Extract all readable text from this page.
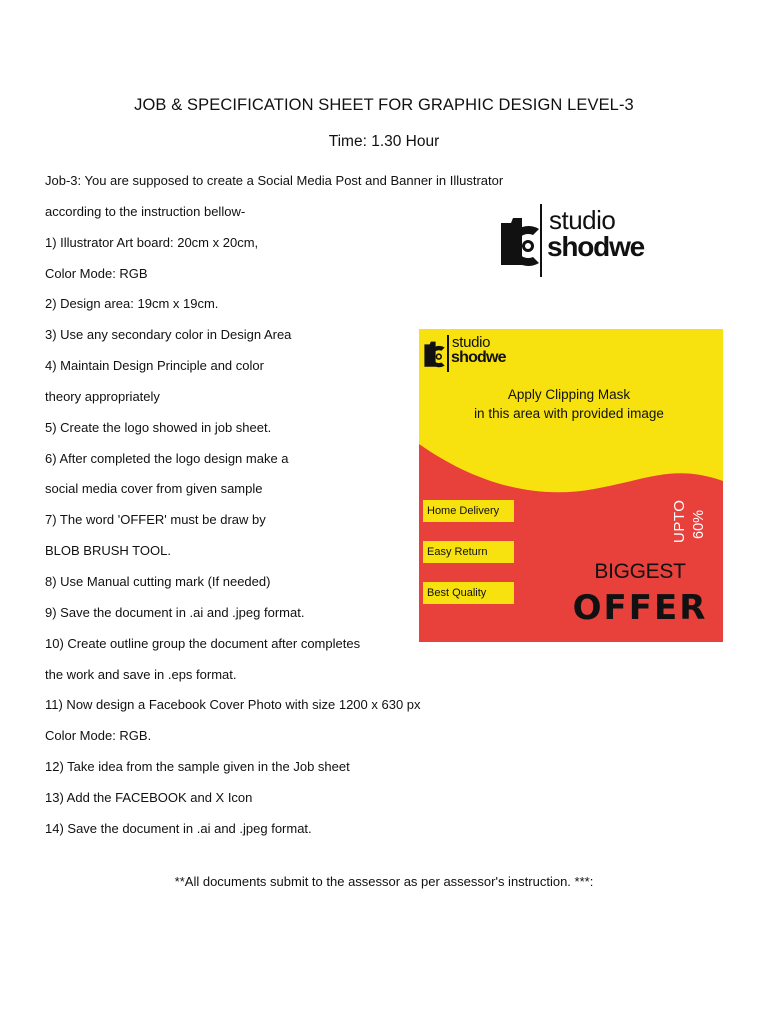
JOB & SPECIFICATION SHEET FOR GRAPHIC DESIGN LEVEL-3
Time: 1.30 Hour
Job-3: You are supposed to create a Social Media Post and Banner in Illustrator
according to the instruction bellow-
1) Illustrator Art board: 20cm x 20cm,
Color Mode: RGB
2) Design area: 19cm x 19cm.
3) Use any secondary color in Design Area
4) Maintain Design Principle and color
theory appropriately
5) Create the logo showed in job sheet.
6) After completed the logo design make a
social media cover from given sample
7) The word 'OFFER' must be draw by
BLOB BRUSH TOOL.
8) Use Manual cutting mark (If needed)
9) Save the document in .ai and .jpeg format.
10) Create outline group the document after completes
the work and save in .eps format.
11) Now design a Facebook Cover Photo with size 1200 x 630 px
Color Mode: RGB.
12) Take idea from the sample given in the Job sheet
13) Add the FACEBOOK and X Icon
14) Save the document in .ai and .jpeg format.
studio
shodwe
studio
shodwe
Apply Clipping Mask
in this area with provided image
Home Delivery
Easy Return
Best Quality
UPTO 60%
BIGGEST
OFFER
**All documents submit to the assessor as per assessor's instruction. ***:
